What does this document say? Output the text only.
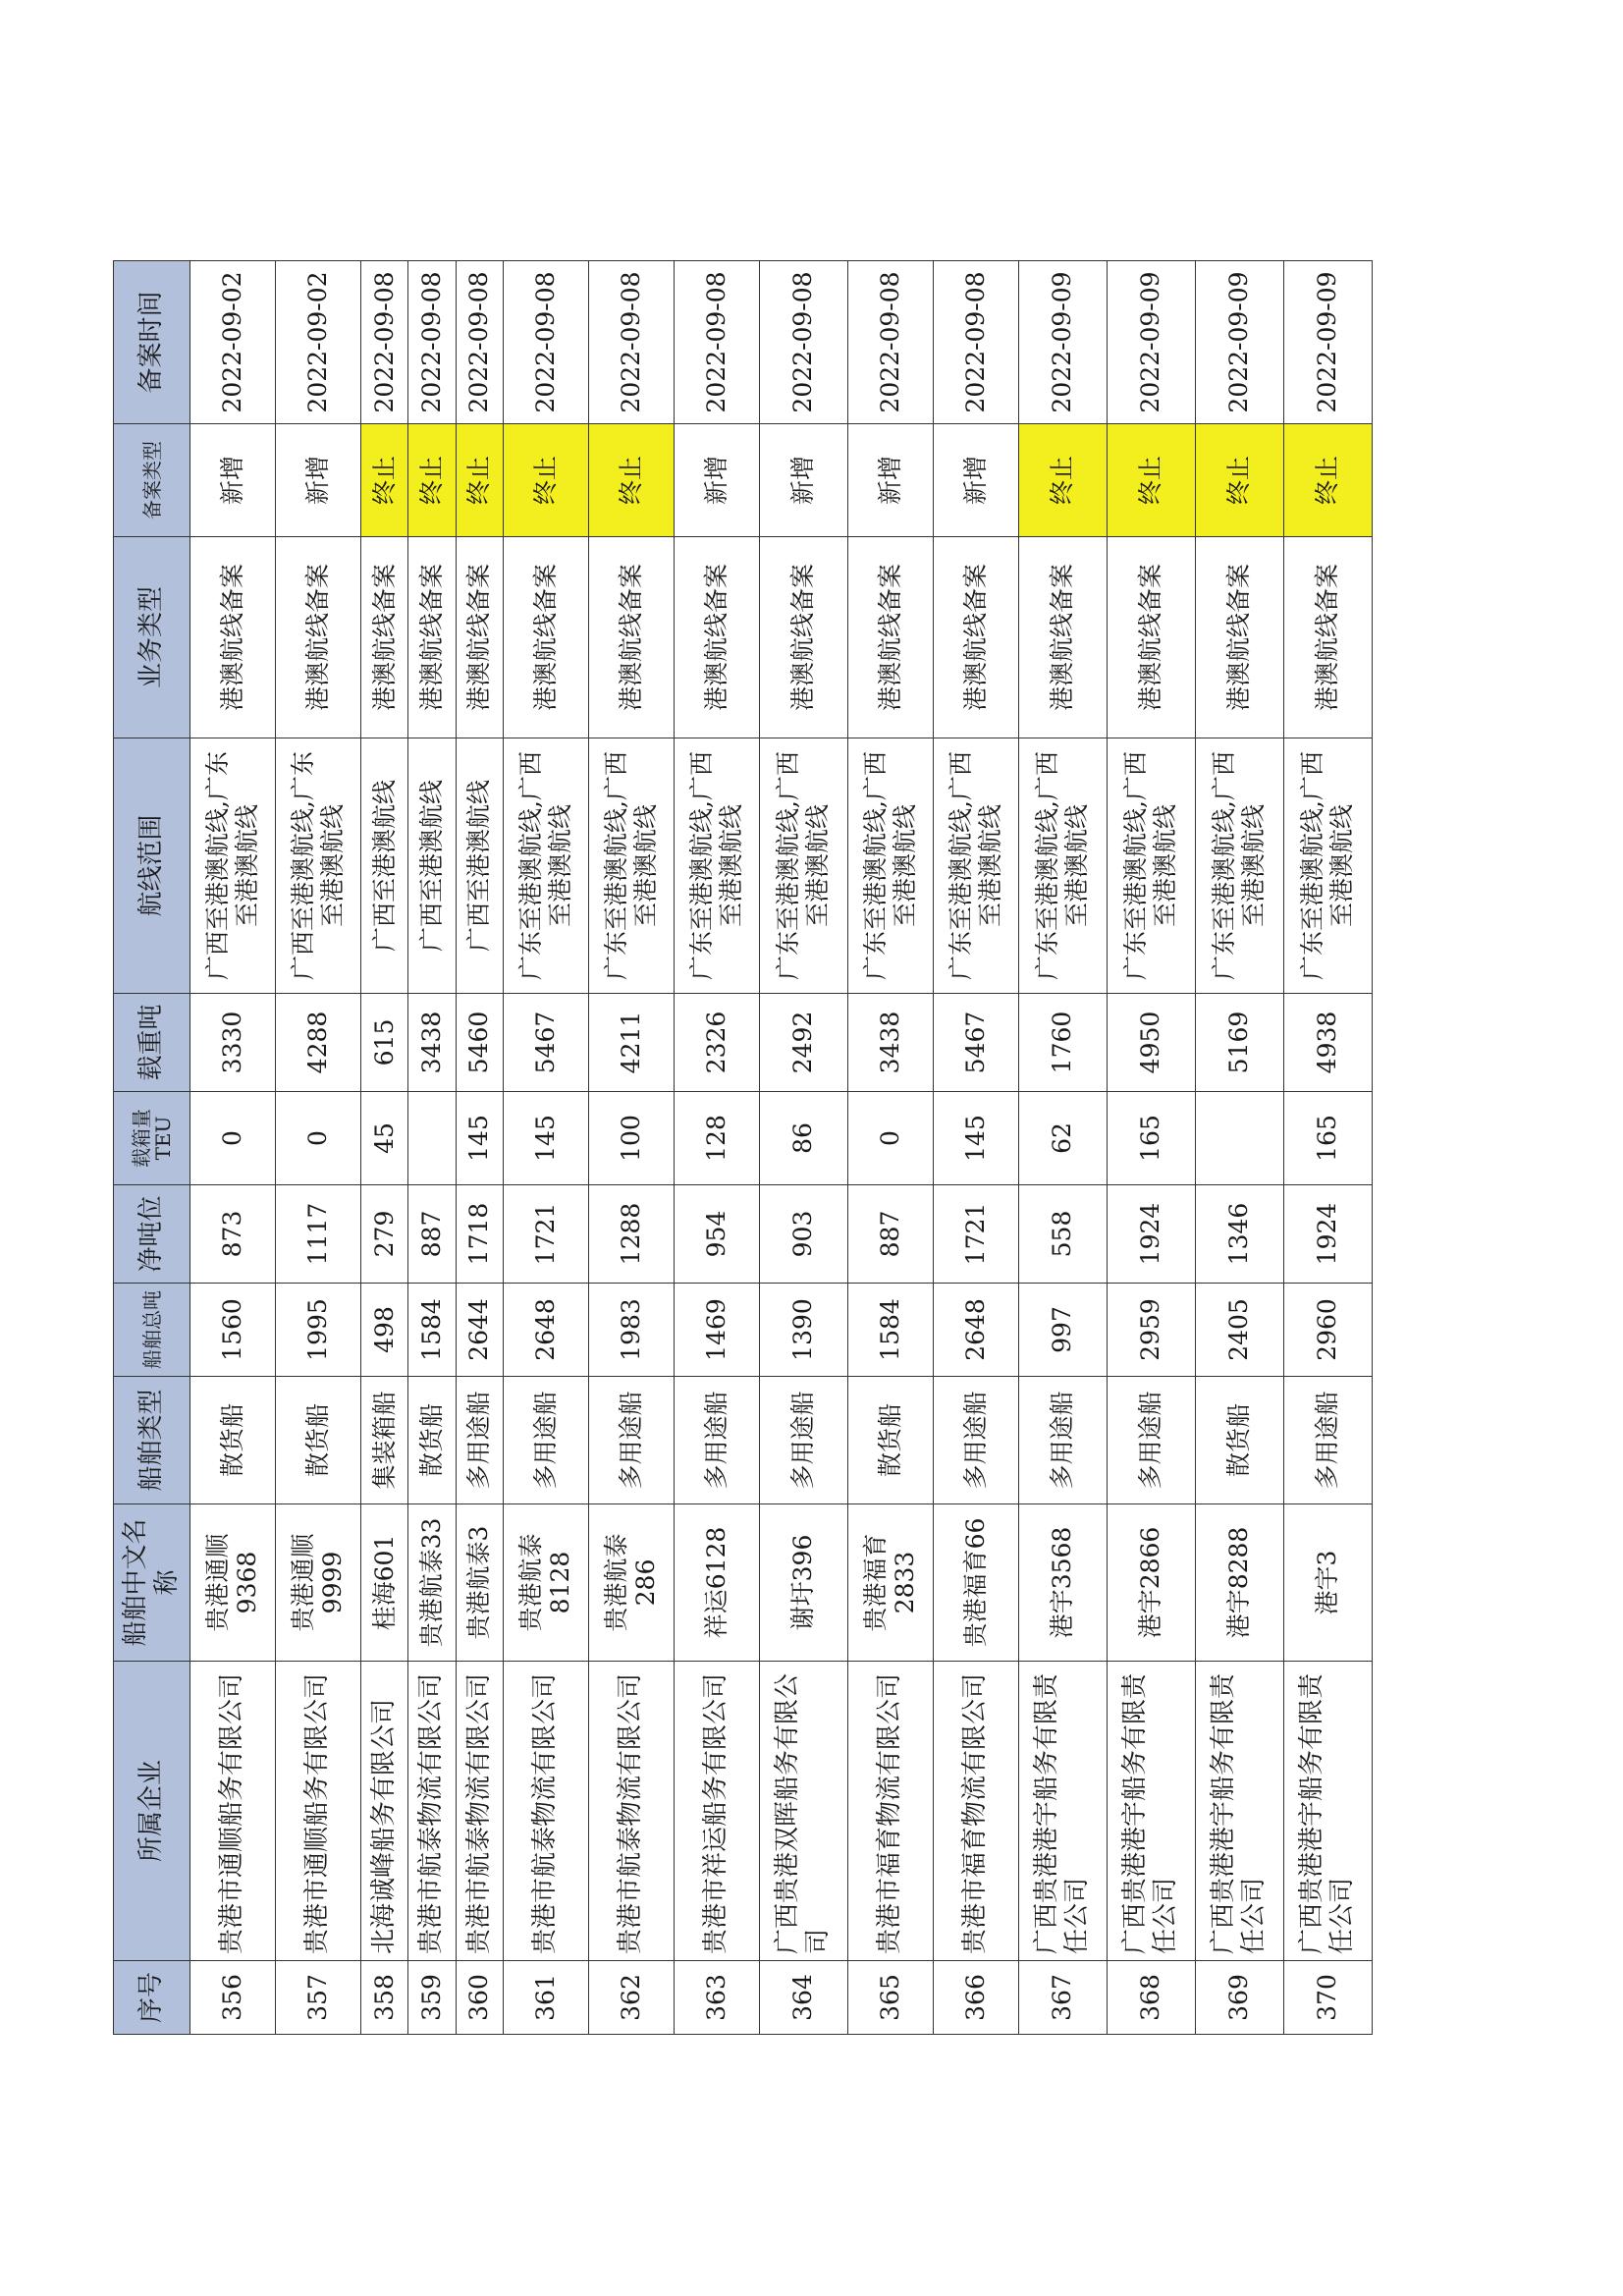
序号	所属企业	船舶中文名称	船舶类型	船舶总吨	净吨位	载箱量TEU	载重吨	航线范围	业务类型	备案类型	备案时间
356	贵港市通顺船务有限公司	贵港通顺9368	散货船	1560	873	0	3330	广西至港澳航线,广东至港澳航线	港澳航线备案	新增	2022-09-02
357	贵港市通顺船务有限公司	贵港通顺9999	散货船	1995	1117	0	4288	广西至港澳航线,广东至港澳航线	港澳航线备案	新增	2022-09-02
358	北海诚峰船务有限公司	桂海601	集装箱船	498	279	45	615	广西至港澳航线	港澳航线备案	终止	2022-09-08
359	贵港市航泰物流有限公司	贵港航泰33	散货船	1584	887		3438	广西至港澳航线	港澳航线备案	终止	2022-09-08
360	贵港市航泰物流有限公司	贵港航泰3	多用途船	2644	1718	145	5460	广西至港澳航线	港澳航线备案	终止	2022-09-08
361	贵港市航泰物流有限公司	贵港航泰8128	多用途船	2648	1721	145	5467	广东至港澳航线,广西至港澳航线	港澳航线备案	终止	2022-09-08
362	贵港市航泰物流有限公司	贵港航泰286	多用途船	1983	1288	100	4211	广东至港澳航线,广西至港澳航线	港澳航线备案	终止	2022-09-08
363	贵港市祥运船务有限公司	祥运6128	多用途船	1469	954	128	2326	广东至港澳航线,广西至港澳航线	港澳航线备案	新增	2022-09-08
364	广西贵港双晖船务有限公司	谢圩396	多用途船	1390	903	86	2492	广东至港澳航线,广西至港澳航线	港澳航线备案	新增	2022-09-08
365	贵港市福育物流有限公司	贵港福育2833	散货船	1584	887	0	3438	广东至港澳航线,广西至港澳航线	港澳航线备案	新增	2022-09-08
366	贵港市福育物流有限公司	贵港福育66	多用途船	2648	1721	145	5467	广东至港澳航线,广西至港澳航线	港澳航线备案	新增	2022-09-08
367	广西贵港港宇船务有限责任公司	港宇3568	多用途船	997	558	62	1760	广东至港澳航线,广西至港澳航线	港澳航线备案	终止	2022-09-09
368	广西贵港港宇船务有限责任公司	港宇2866	多用途船	2959	1924	165	4950	广东至港澳航线,广西至港澳航线	港澳航线备案	终止	2022-09-09
369	广西贵港港宇船务有限责任公司	港宇8288	散货船	2405	1346		5169	广东至港澳航线,广西至港澳航线	港澳航线备案	终止	2022-09-09
370	广西贵港港宇船务有限责任公司	港宇3	多用途船	2960	1924	165	4938	广东至港澳航线,广西至港澳航线	港澳航线备案	终止	2022-09-09
